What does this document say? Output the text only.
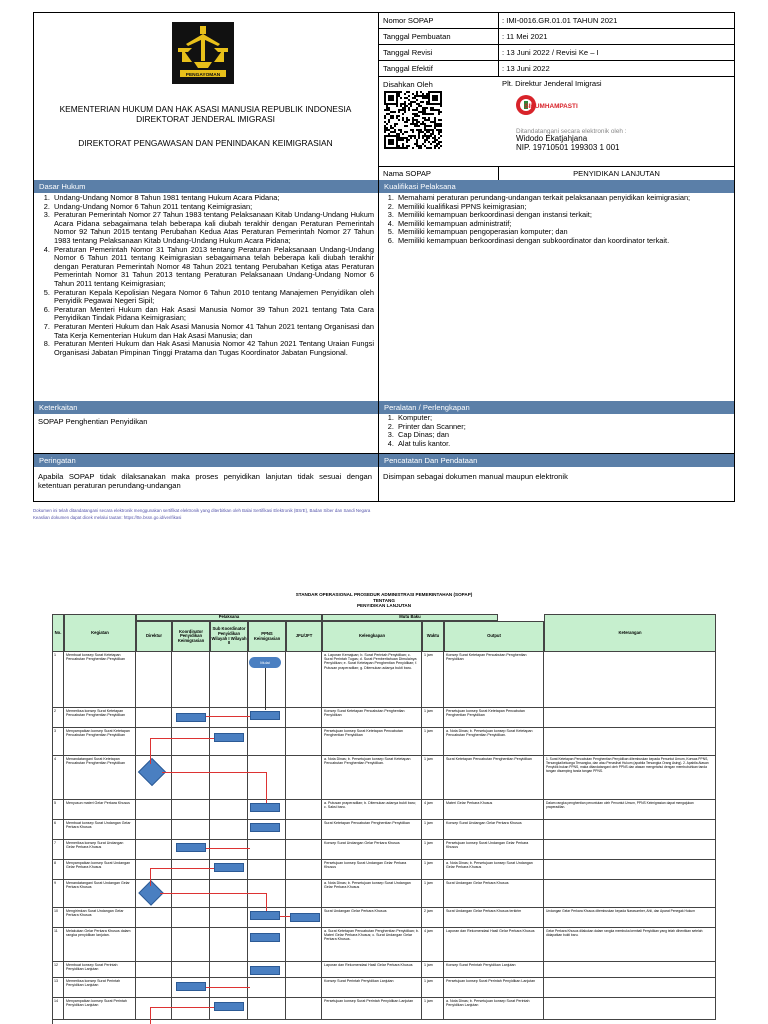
PENGAYOMAN
KEMENTERIAN HUKUM DAN HAK ASASI MANUSIA REPUBLIK INDONESIA
DIREKTORAT JENDERAL IMIGRASI
DIREKTORAT PENGAWASAN DAN PENINDAKAN KEIMIGRASIAN
Nomor SOPAP	: IMI-0016.GR.01.01 TAHUN 2021
Tanggal Pembuatan	: 11 Mei 2021
Tanggal Revisi	: 13 Juni 2022 / Revisi Ke – I
Tanggal Efektif	: 13 Juni 2022
Disahkan Oleh	Plt. Direktur Jenderal Imigrasi
SIKUMHAMPASTI
Ditandatangani secara elektronik oleh :
Widodo Ekatjahjana
NIP. 19710501 199303 1 001
Nama SOPAP	PENYIDIKAN LANJUTAN
Dasar Hukum	Kualifikasi Pelaksana
1. Undang-Undang Nomor 8 Tahun 1981 tentang Hukum Acara Pidana;
2. Undang-Undang Nomor 6 Tahun 2011 tentang Keimigrasian;
3. Peraturan Pemerintah Nomor 27 Tahun 1983 tentang Pelaksanaan Kitab Undang-Undang Hukum Acara Pidana sebagaimana telah beberapa kali diubah terakhir dengan Peraturan Pemerintah Nomor 92 Tahun 2015 tentang Perubahan Kedua Atas Peraturan Pemerintah Nomor 27 Tahun 1983 tentang Pelaksanaan Kitab Undang-Undang Hukum Acara Pidana;
4. Peraturan Pemerintah Nomor 31 Tahun 2013 tentang Peraturan Pelaksanaan Undang-Undang Nomor 6 Tahun 2011 tentang Keimigrasian sebagaimana telah beberapa kali diubah terakhir dengan Peraturan Pemerintah Nomor 48 Tahun 2021 tentang Perubahan Ketiga atas Peraturan Pemerintah Nomor 31 Tahun 2013 tentang Peraturan Pelaksanaan Undang-Undang Nomor 6 Tahun 2011 tentang Keimigrasian;
5. Peraturan Kepala Kepolisian Negara Nomor 6 Tahun 2010 tentang Manajemen Penyidikan oleh Penyidik Pegawai Negeri Sipil;
6. Peraturan Menteri Hukum dan Hak Asasi Manusia Nomor 39 Tahun 2021 tentang Tata Cara Penyidikan Tindak Pidana Keimigrasian;
7. Peraturan Menteri Hukum dan Hak Asasi Manusia Nomor 41 Tahun 2021 tentang Organisasi dan Tata Kerja Kementerian Hukum dan Hak Asasi Manusia; dan
8. Peraturan Menteri Hukum dan Hak Asasi Manusia Nomor 42 Tahun 2021 Tentang Uraian Fungsi Organisasi Jabatan Pimpinan Tinggi Pratama dan Tugas Koordinator Jabatan Fungsional.
1. Memahami peraturan perundang-undangan terkait pelaksanaan penyidikan keimigrasian;
2. Memiliki kualifikasi PPNS keimigrasian;
3. Memiliki kemampuan berkoordinasi dengan instansi terkait;
4. Memiliki kemampuan administratif;
5. Memiliki kemampuan pengoperasian komputer; dan
6. Memiliki kemampuan berkoordinasi dengan subkoordinator dan koordinator terkait.
Keterkaitan	Peralatan / Perlengkapan
SOPAP Penghentian Penyidikan
1.	Komputer;
2. Printer dan Scanner;
3. Cap Dinas; dan
4. Alat tulis kantor.
Peringatan	Pencatatan Dan Pendataan
Apabila SOPAP tidak dilaksanakan maka proses penyidikan lanjutan tidak sesuai dengan ketentuan peraturan perundang-undangan
Disimpan sebagai dokumen manual maupun elektronik
Dokumen ini telah ditandatangani secara elektronik menggunakan sertifikat elektronik yang diterbitkan oleh Balai Sertifikasi Elektronik (BSrE), Badan Siber dan Sandi Negara
Keaslian dokumen dapat dicek melalui tautan: https://tte.bssn.go.id/verifikasi
STANDAR OPERASIONAL PROSEDUR ADMINISTRASI PEMERINTAHAN (SOPAP)
TENTANG
PENYIDIKAN LANJUTAN
No.	Kegiatan
Pelaksana
Direktur
Koordinator Penyidikan Keimigrasian
Sub Koordinator Penyidikan Wilayah I Wilayah II
PPNS Keimigrasian	JFU/JFT
Mutu Baku
Kelengkapan	Waktu	Output
Keterangan
1	Membuat konsep Surat Ketetapan Pencabutan Penghentian Penyidikan
a. Laporan Kemajuan; b. Surat Perintah Penyidikan; c. Surat Perintah Tugas; d. Surat Pemberitahuan Dimulainya Penyidikan; e. Surat Ketetapan Penghentian Penyidikan; f. Putusan praperadilan; g. Ditemukan adanya bukti baru.
1 jam	Konsep Surat Ketetapan Pencabutan Penghentian Penyidikan
2	Memeriksa konsep Surat Ketetapan Pencabutan Penghentian Penyidikan
Konsep Surat Ketetapan Pencabutan Penghentian Penyidikan
1 jam	Persetujuan konsep Surat Ketetapan Pencabutan Penghentian Penyidikan
3	Menyampaikan konsep Surat Ketetapan Pencabutan Penghentian Penyidikan
Persetujuan konsep Surat Ketetapan Pencabutan Penghentian Penyidikan
1 jam	a. Nota Dinas; b. Persetujuan konsep Surat Ketetapan Pencabutan Penghentian Penyidikan.
4	Menandatangani Surat Ketetapan Pencabutan Penghentian Penyidikan
a. Nota Dinas; b. Persetujuan konsep Surat Ketetapan Pencabutan Penghentian Penyidikan.
1 jam	Surat Ketetapan Pencabutan Penghentian Penyidikan	1. Surat Ketetapan Pencabutan Penghentian Penyidikan ditembuskan kepada Penuntut Umum, Korwas PPNS, Tersangka/keluarga Tersangka, dan atau Penasihat Hukum (apabila Tersangka Orang Asing). 2. Apabila Atasan Penyidik bukan PPNS, maka ditandatangani oleh PPNS dan atasan mengetahui dengan membubuhkan tanda tangan disamping tanda tangan PPNS.
5	Menyusun materi Gelar Perkara Khusus	a. Putusan praperadilan; b. Ditemukan adanya bukti baru; c. Saksi baru.
4 jam	Materi Gelar Perkara Khusus	Dalam rangka penghentian penuntutan oleh Penuntut Umum, PPNS Keimigrasian dapat mengajukan praperadilan.
6	Membuat konsep Surat Undangan Gelar Perkara Khusus
Surat Ketetapan Pencabutan Penghentian Penyidikan	1 jam	Konsep Surat Undangan Gelar Perkara Khusus
7	Memeriksa konsep Surat Undangan Gelar Perkara Khusus
Konsep Surat Undangan Gelar Perkara Khusus	1 jam	Persetujuan konsep Surat Undangan Gelar Perkara Khusus
8	Menyampaikan konsep Surat Undangan Gelar Perkara Khusus
Persetujuan konsep Surat Undangan Gelar Perkara Khusus
1 jam	a. Nota Dinas; b. Persetujuan konsep Surat Undangan Gelar Perkara Khusus
9	Menandatangani Surat Undangan Gelar Perkara Khusus
a. Nota Dinas; b. Persetujuan konsep Surat Undangan Gelar Perkara Khusus
1 jam	Surat Undangan Gelar Perkara Khusus
10	Mengirimkan Surat Undangan Gelar Perkara Khusus
Surat Undangan Gelar Perkara Khusus	2 jam	Surat Undangan Gelar Perkara Khusus terkirim	Undangan Gelar Perkara Khusus ditembuskan kepada Narasumber, Ahli, dan Aparat Penegak Hukum
11	Melakukan Gelar Perkara Khusus dalam rangka penyidikan lanjutan.
a. Surat Ketetapan Pencabutan Penghentian Penyidikan; b. Materi Gelar Perkara Khusus; c. Surat Undangan Gelar Perkara Khusus.
4 jam	Laporan dan Rekomendasi Hasil Gelar Perkara Khusus	Gelar Perkara Khusus dilakukan dalam rangka membuka kembali Penyidikan yang telah dihentikan setelah didapatkan bukti baru.
12	Membuat konsep Surat Perintah Penyidikan Lanjutan
Laporan dan Rekomendasi Hasil Gelar Perkara Khusus	1 jam	Konsep Surat Perintah Penyidikan Lanjutan
13	Memeriksa konsep Surat Perintah Penyidikan Lanjutan
Konsep Surat Perintah Penyidikan Lanjutan	1 jam	Persetujuan konsep Surat Perintah Penyidikan Lanjutan
14	Menyampaikan konsep Surat Perintah Penyidikan Lanjutan
Persetujuan konsep Surat Perintah Penyidikan Lanjutan	1 jam	a. Nota Dinas; b. Persetujuan konsep Surat Perintah Penyidikan Lanjutan
Mulai
